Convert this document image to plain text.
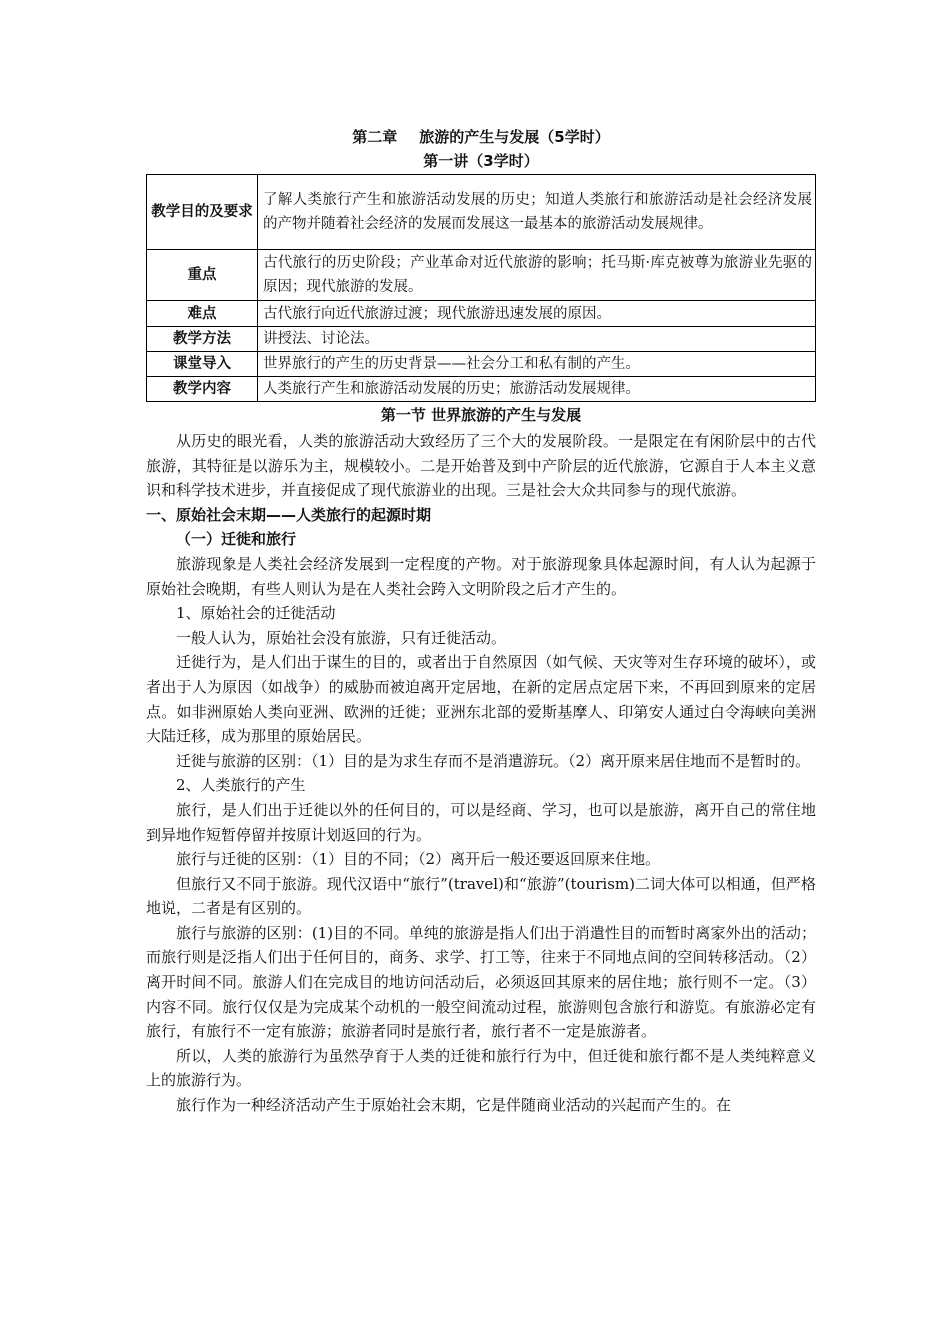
第二章 旅游的产生与发展（5学时）
第一讲（3学时）
教学目的及要求	了解人类旅行产生和旅游活动发展的历史；知道人类旅行和旅游活动是社会经济发展的产物并随着社会经济的发展而发展这一最基本的旅游活动发展规律。
重点	古代旅行的历史阶段；产业革命对近代旅游的影响；托马斯·库克被尊为旅游业先驱的原因；现代旅游的发展。
难点	古代旅行向近代旅游过渡；现代旅游迅速发展的原因。
教学方法	讲授法、讨论法。
课堂导入	世界旅行的产生的历史背景——社会分工和私有制的产生。
教学内容	人类旅行产生和旅游活动发展的历史；旅游活动发展规律。
第一节 世界旅游的产生与发展

从历史的眼光看，人类的旅游活动大致经历了三个大的发展阶段。一是限定在有闲阶层中的古代旅游，其特征是以游乐为主，规模较小。二是开始普及到中产阶层的近代旅游，它源自于人本主义意识和科学技术进步，并直接促成了现代旅游业的出现。三是社会大众共同参与的现代旅游。

一、原始社会末期——人类旅行的起源时期
（一）迁徙和旅行

旅游现象是人类社会经济发展到一定程度的产物。对于旅游现象具体起源时间，有人认为起源于原始社会晚期，有些人则认为是在人类社会跨入文明阶段之后才产生的。

1、原始社会的迁徙活动

一般人认为，原始社会没有旅游，只有迁徙活动。

迁徙行为，是人们出于谋生的目的，或者出于自然原因（如气候、天灾等对生存环境的破坏），或者出于人为原因（如战争）的威胁而被迫离开定居地，在新的定居点定居下来，不再回到原来的定居点。如非洲原始人类向亚洲、欧洲的迁徙；亚洲东北部的爱斯基摩人、印第安人通过白令海峡向美洲大陆迁移，成为那里的原始居民。

迁徙与旅游的区别：（1）目的是为求生存而不是消遣游玩。（2）离开原来居住地而不是暂时的。

2、人类旅行的产生

旅行，是人们出于迁徙以外的任何目的，可以是经商、学习，也可以是旅游，离开自己的常住地到异地作短暂停留并按原计划返回的行为。

旅行与迁徙的区别：（1）目的不同；（2）离开后一般还要返回原来住地。

但旅行又不同于旅游。现代汉语中“旅行”(travel)和“旅游”(tourism)二词大体可以相通，但严格地说，二者是有区别的。

旅行与旅游的区别：(1)目的不同。单纯的旅游是指人们出于消遣性目的而暂时离家外出的活动；而旅行则是泛指人们出于任何目的，商务、求学、打工等，往来于不同地点间的空间转移活动。（2）离开时间不同。旅游人们在完成目的地访问活动后，必须返回其原来的居住地；旅行则不一定。（3）内容不同。旅行仅仅是为完成某个动机的一般空间流动过程，旅游则包含旅行和游览。有旅游必定有旅行，有旅行不一定有旅游；旅游者同时是旅行者，旅行者不一定是旅游者。

所以，人类的旅游行为虽然孕育于人类的迁徙和旅行行为中，但迁徙和旅行都不是人类纯粹意义上的旅游行为。

旅行作为一种经济活动产生于原始社会末期，它是伴随商业活动的兴起而产生的。在
